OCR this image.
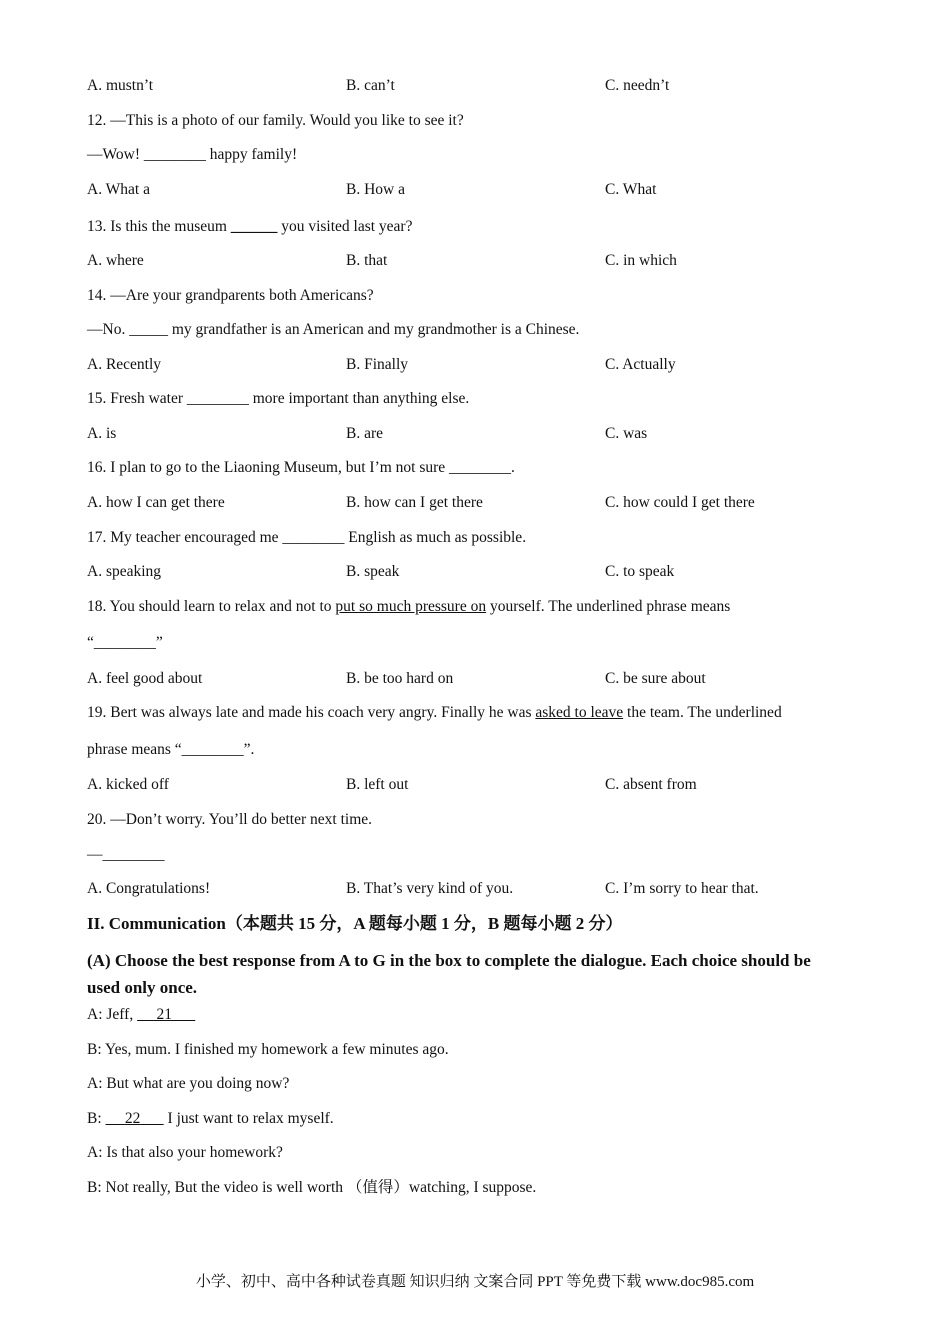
A. mustn’t	B. can’t	C. needn’t
12. —This is a photo of our family. Would you like to see it?
—Wow! ________ happy family!
A. What a	B. How a	C. What
13. Is this the museum ______ you visited last year?
A. where	B. that	C. in which
14. —Are your grandparents both Americans?
—No. _____ my grandfather is an American and my grandmother is a Chinese.
A. Recently	B. Finally	C. Actually
15. Fresh water ________ more important than anything else.
A. is	B. are	C. was
16. I plan to go to the Liaoning Museum, but I’m not sure ________.
A. how I can get there	B. how can I get there	C. how could I get there
17. My teacher encouraged me ________ English as much as possible.
A. speaking	B. speak	C. to speak
18. You should learn to relax and not to put so much pressure on yourself. The underlined phrase means
“________”
A. feel good about	B. be too hard on	C. be sure about
19. Bert was always late and made his coach very angry. Finally he was asked to leave the team. The underlined
phrase means “________”.
A. kicked off	B. left out	C. absent from
20. —Don’t worry. You’ll do better next time.
—________
A. Congratulations!	B. That’s very kind of you.	C. I’m sorry to hear that.
II. Communication（本题共 15 分，A 题每小题 1 分，B 题每小题 2 分）
(A) Choose the best response from A to G in the box to complete the dialogue. Each choice should be used only once.
A: Jeff,      21
B: Yes, mum. I finished my homework a few minutes ago.
A: But what are you doing now?
B:      22       I just want to relax myself.
A: Is that also your homework?
B: Not really, But the video is well worth （值得）watching, I suppose.
小学、初中、高中各种试卷真题 知识归纳 文案合同 PPT 等免费下载 www.doc985.com
